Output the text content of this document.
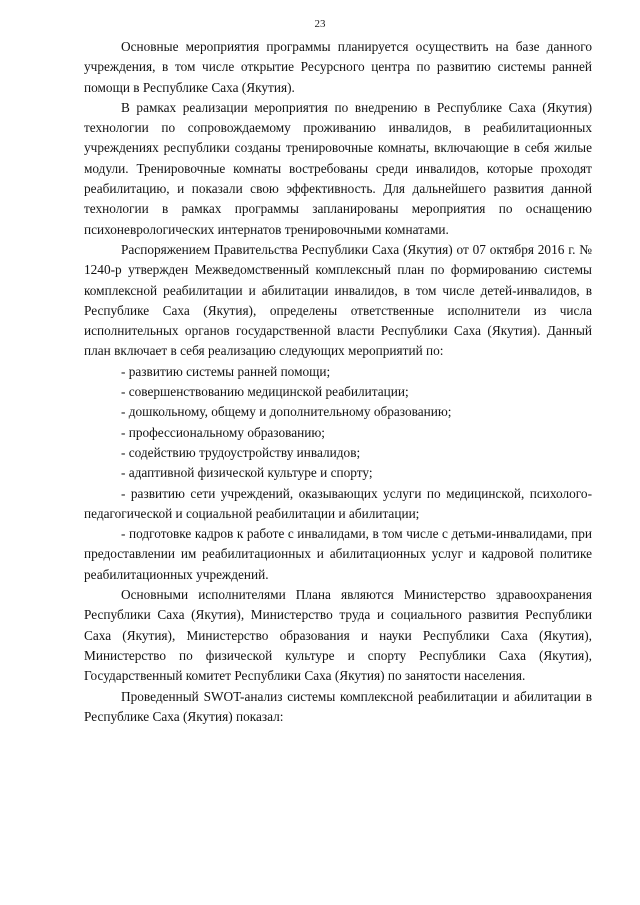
23

Основные мероприятия программы планируется осуществить на базе данного учреждения, в том числе открытие Ресурсного центра по развитию системы ранней помощи в Республике Саха (Якутия).

В рамках реализации мероприятия по внедрению в Республике Саха (Якутия) технологии по сопровождаемому проживанию инвалидов, в реабилитационных учреждениях республики созданы тренировочные комнаты, включающие в себя жилые модули. Тренировочные комнаты востребованы среди инвалидов, которые проходят реабилитацию, и показали свою эффективность. Для дальнейшего развития данной технологии в рамках программы запланированы мероприятия по оснащению психоневрологических интернатов тренировочными комнатами.

Распоряжением Правительства Республики Саха (Якутия) от 07 октября 2016 г. № 1240-р утвержден Межведомственный комплексный план по формированию системы комплексной реабилитации и абилитации инвалидов, в том числе детей-инвалидов, в Республике Саха (Якутия), определены ответственные исполнители из числа исполнительных органов государственной власти Республики Саха (Якутия). Данный план включает в себя реализацию следующих мероприятий по:

- развитию системы ранней помощи;

- совершенствованию медицинской реабилитации;

- дошкольному, общему и дополнительному образованию;

- профессиональному образованию;

- содействию трудоустройству инвалидов;

- адаптивной физической культуре и спорту;

- развитию сети учреждений, оказывающих услуги по медицинской, психолого-педагогической и социальной реабилитации и абилитации;

- подготовке кадров к работе с инвалидами, в том числе с детьми-инвалидами, при предоставлении им реабилитационных и абилитационных услуг и кадровой политике реабилитационных учреждений.

Основными исполнителями Плана являются Министерство здравоохранения Республики Саха (Якутия), Министерство труда и социального развития Республики Саха (Якутия), Министерство образования и науки Республики Саха (Якутия), Министерство по физической культуре и спорту Республики Саха (Якутия), Государственный комитет Республики Саха (Якутия) по занятости населения.

Проведенный SWOT-анализ системы комплексной реабилитации и абилитации в Республике Саха (Якутия) показал:
